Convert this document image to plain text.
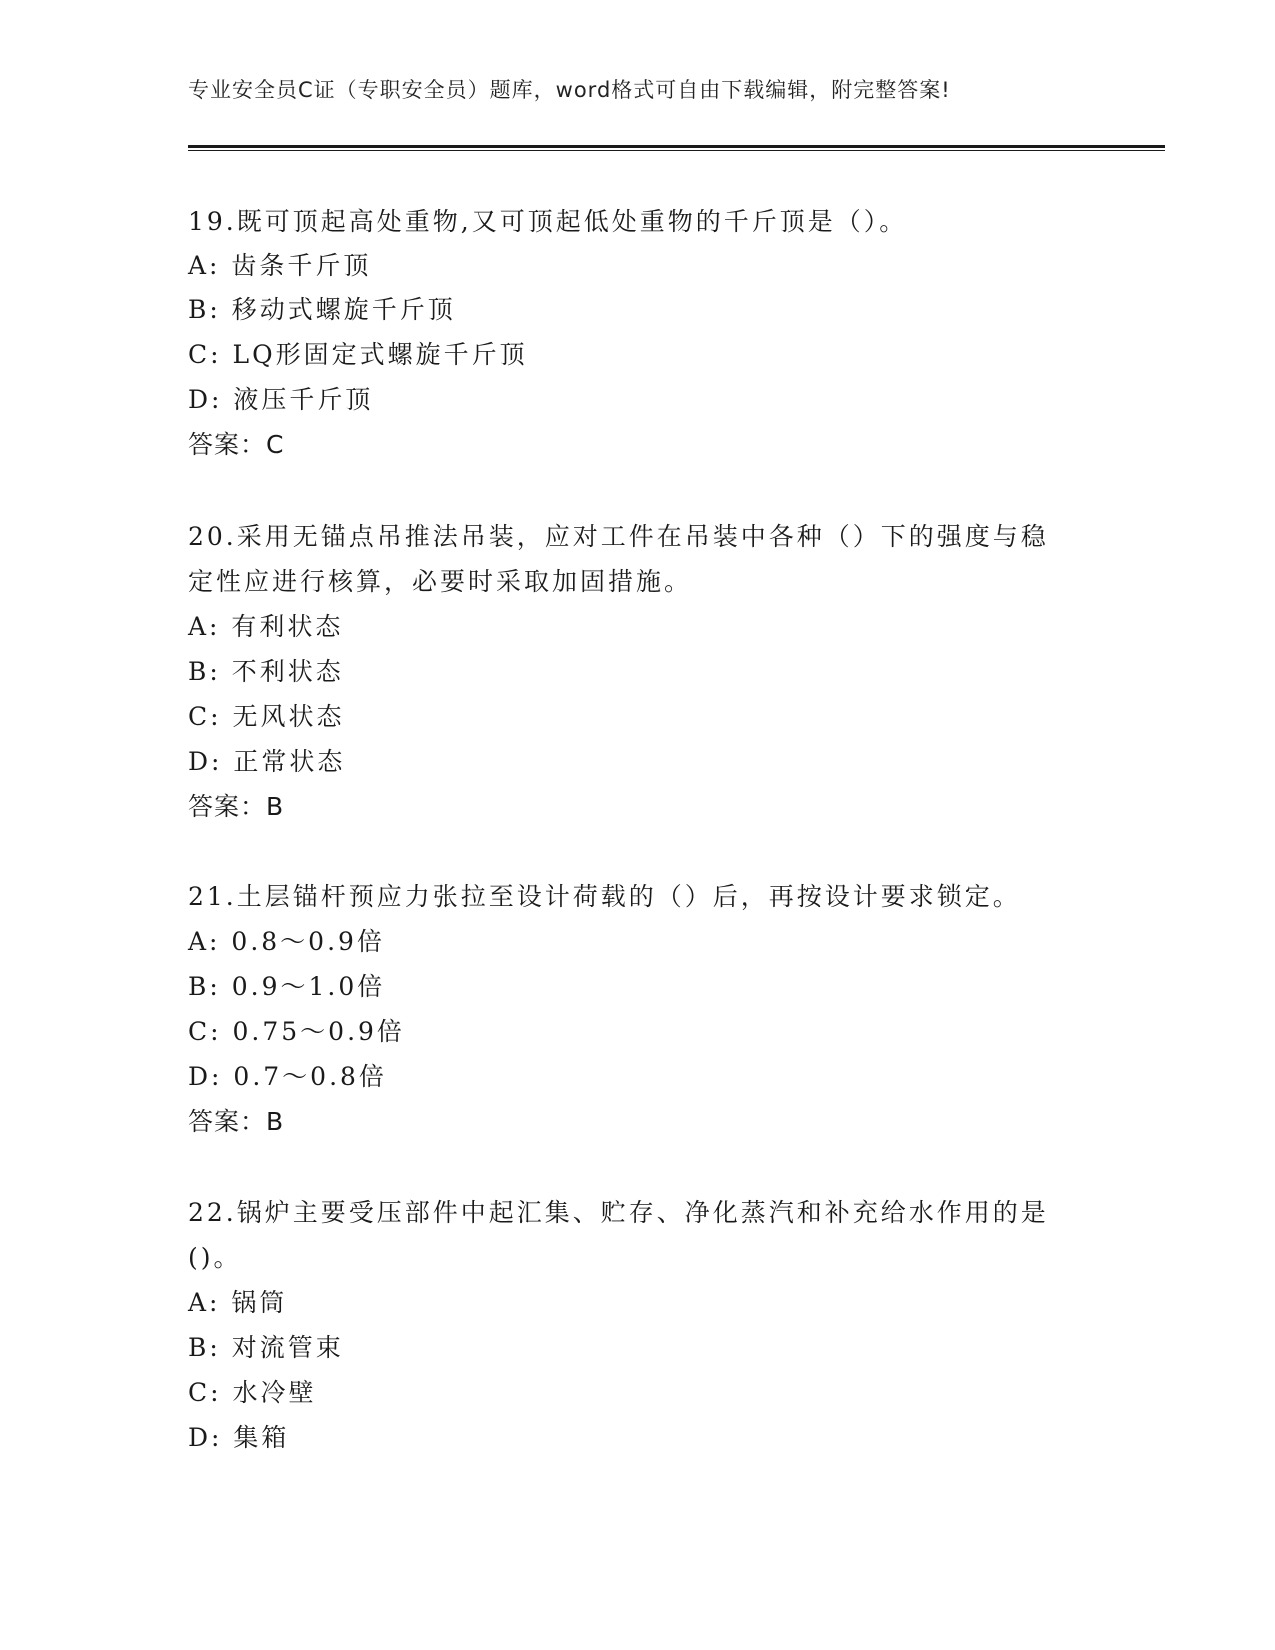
专业安全员C证（专职安全员）题库，word格式可自由下载编辑，附完整答案!
19.既可顶起高处重物,又可顶起低处重物的千斤顶是（）。
A: 齿条千斤顶
B: 移动式螺旋千斤顶
C: LQ形固定式螺旋千斤顶
D: 液压千斤顶
答案：C
20.采用无锚点吊推法吊装，应对工件在吊装中各种（）下的强度与稳
定性应进行核算，必要时采取加固措施。
A: 有利状态
B: 不利状态
C: 无风状态
D: 正常状态
答案：B
21.土层锚杆预应力张拉至设计荷载的（）后，再按设计要求锁定。
A: 0.8～0.9倍
B: 0.9～1.0倍
C: 0.75～0.9倍
D: 0.7～0.8倍
答案：B
22.锅炉主要受压部件中起汇集、贮存、净化蒸汽和补充给水作用的是
()。
A: 锅筒
B: 对流管束
C: 水冷壁
D: 集箱
